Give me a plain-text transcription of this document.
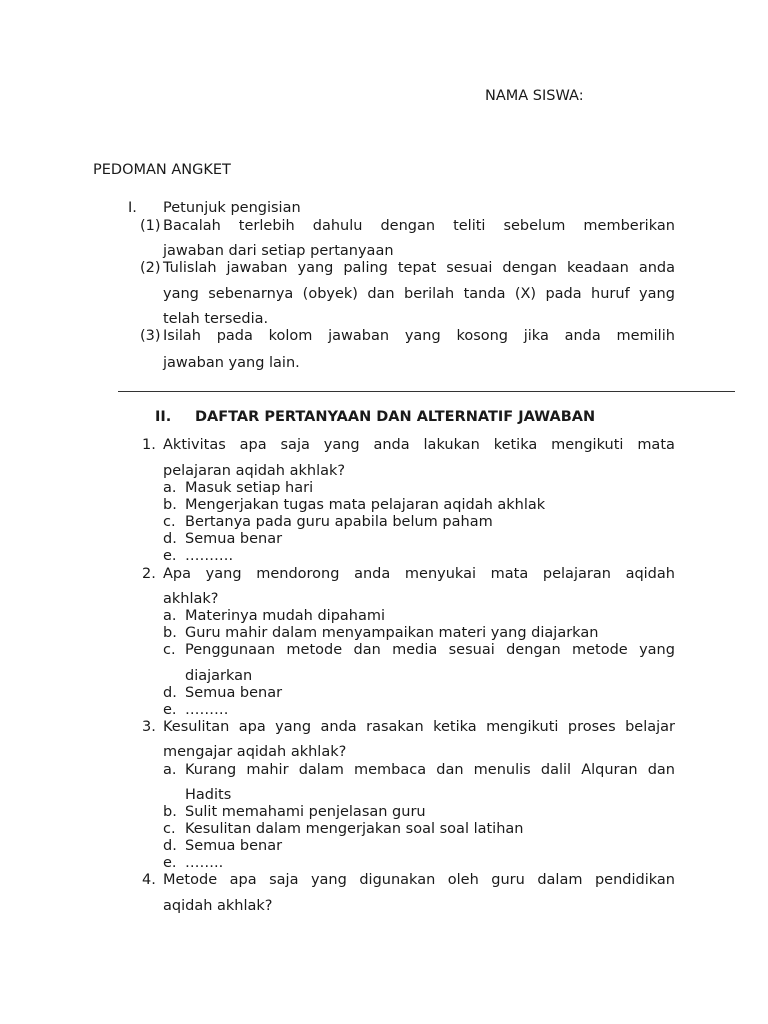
NAMA SISWA:
PEDOMAN ANGKET
I. Petunjuk pengisian
(1) Bacalah terlebih dahulu dengan teliti sebelum memberikan
jawaban dari setiap pertanyaan
(2) Tulislah jawaban yang paling tepat sesuai dengan keadaan anda
yang sebenarnya (obyek) dan berilah tanda (X) pada huruf yang
telah tersedia.
(3) Isilah pada kolom jawaban yang kosong jika anda memilih
jawaban yang lain.
II. DAFTAR PERTANYAAN DAN ALTERNATIF JAWABAN
1. Aktivitas apa saja yang anda lakukan ketika mengikuti mata
pelajaran aqidah akhlak?
a. Masuk setiap hari
b. Mengerjakan tugas mata pelajaran aqidah akhlak
c. Bertanya pada guru apabila belum paham
d. Semua benar
e. ……….
2. Apa yang mendorong anda menyukai mata pelajaran aqidah
akhlak?
a. Materinya mudah dipahami
b. Guru mahir dalam menyampaikan materi yang diajarkan
c. Penggunaan metode dan media sesuai dengan metode yang
diajarkan
d. Semua benar
e. ………
3. Kesulitan apa yang anda rasakan ketika mengikuti proses belajar
mengajar aqidah akhlak?
a. Kurang mahir dalam membaca dan menulis dalil Alquran dan
Hadits
b. Sulit memahami penjelasan guru
c. Kesulitan dalam mengerjakan soal soal latihan
d. Semua benar
e. ……..
4. Metode apa saja yang digunakan oleh guru dalam pendidikan
aqidah akhlak?
